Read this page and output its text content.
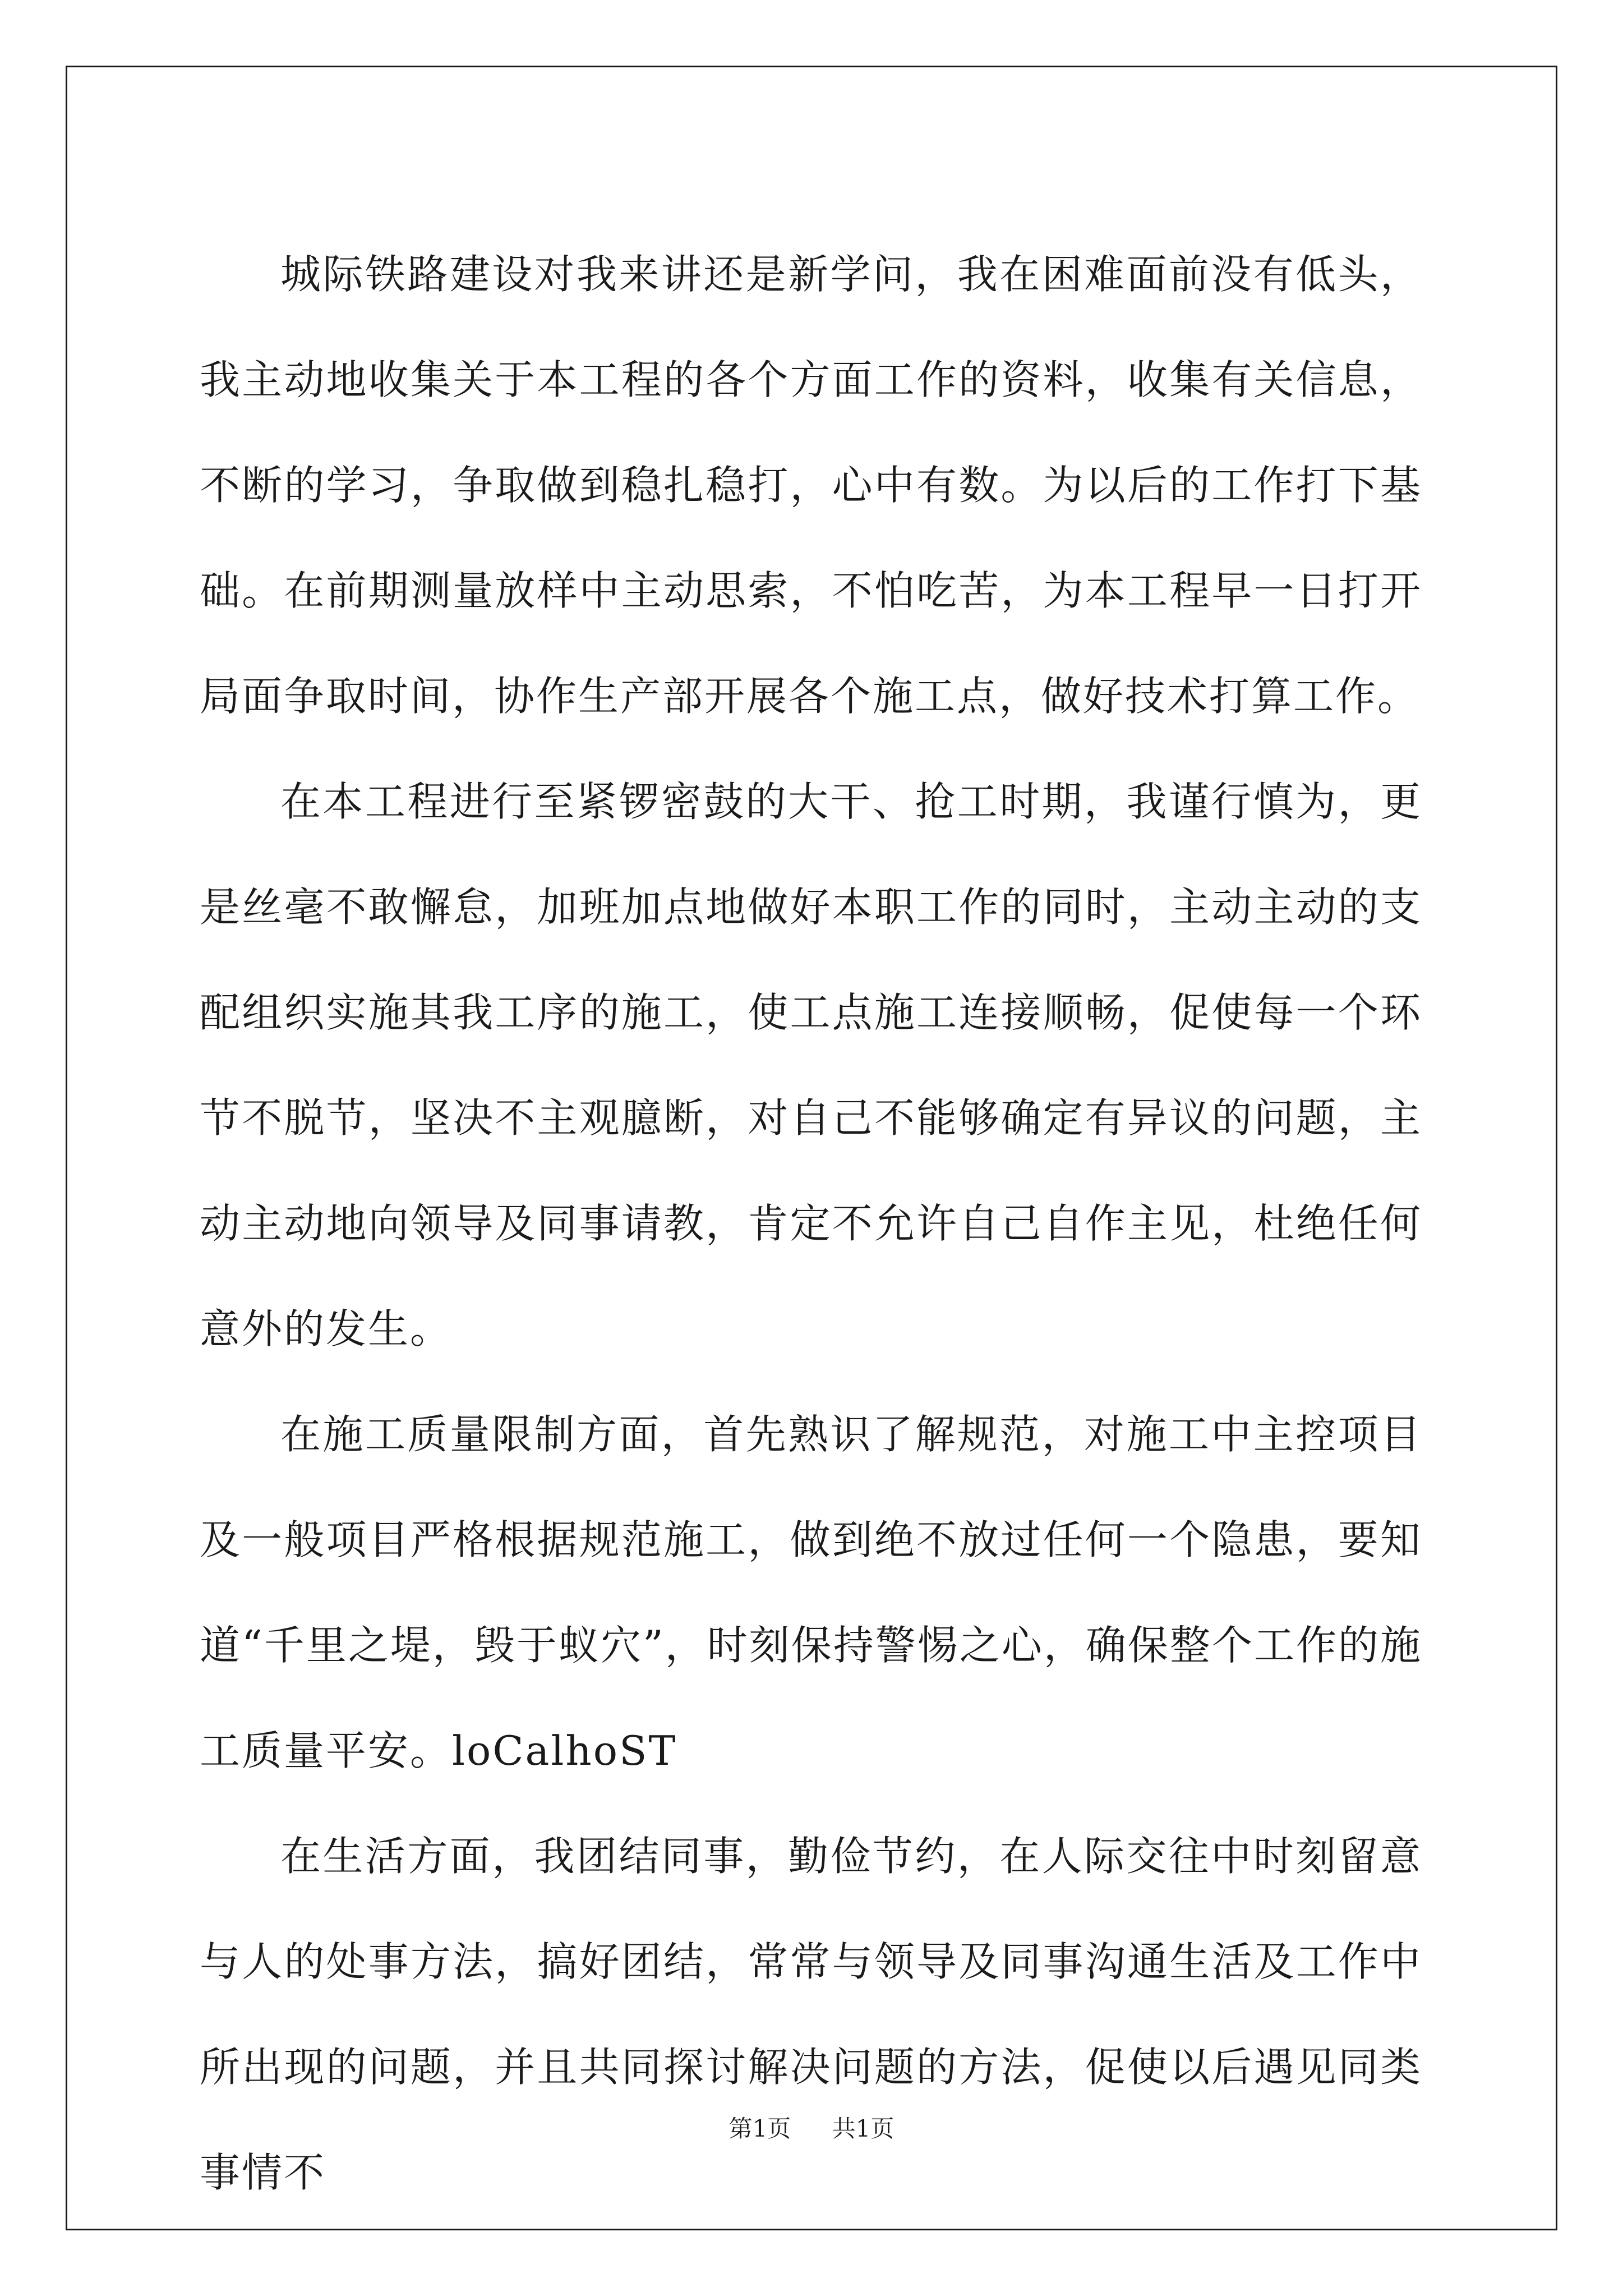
城际铁路建设对我来讲还是新学问，我在困难面前没有低头，我主动地收集关于本工程的各个方面工作的资料，收集有关信息，不断的学习，争取做到稳扎稳打，心中有数。为以后的工作打下基础。在前期测量放样中主动思索，不怕吃苦，为本工程早一日打开局面争取时间，协作生产部开展各个施工点，做好技术打算工作。

在本工程进行至紧锣密鼓的大干、抢工时期，我谨行慎为，更是丝毫不敢懈怠，加班加点地做好本职工作的同时，主动主动的支配组织实施其我工序的施工，使工点施工连接顺畅，促使每一个环节不脱节，坚决不主观臆断，对自己不能够确定有异议的问题，主动主动地向领导及同事请教，肯定不允许自己自作主见，杜绝任何意外的发生。

在施工质量限制方面，首先熟识了解规范，对施工中主控项目及一般项目严格根据规范施工，做到绝不放过任何一个隐患，要知道“千里之堤，毁于蚁穴”，时刻保持警惕之心，确保整个工作的施工质量平安。loCalhoST

在生活方面，我团结同事，勤俭节约，在人际交往中时刻留意与人的处事方法，搞好团结，常常与领导及同事沟通生活及工作中所出现的问题，并且共同探讨解决问题的方法，促使以后遇见同类事情不

第1页 共1页
